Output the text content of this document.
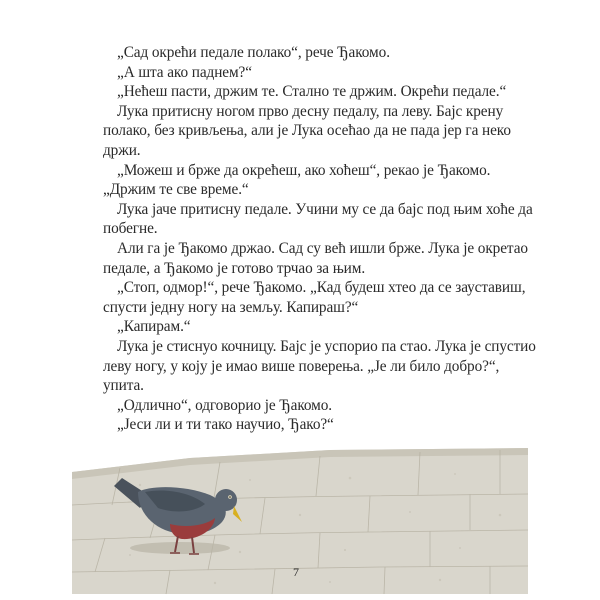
„Сад окрећи педале полако“, рече Ђакомо.

„А шта ако паднем?“

„Нећеш пасти, држим те. Стално те држим. Окрећи педале.“

Лука притисну ногом прво десну педалу, па леву. Бајс крену полако, без кривљења, али је Лука осећао да не пада јер га неко држи.

„Можеш и брже да окрећеш, ако хоћеш“, рекао је Ђакомо. „Држим те све време.“

Лука јаче притисну педале. Учини му се да бајс под њим хоће да побегне.

Али га је Ђакомо држао. Сад су већ ишли брже. Лука је окретао педале, а Ђакомо је готово трчао за њим.

„Стоп, одмор!“, рече Ђакомо. „Кад будеш хтео да се зауставиш, спусти једну ногу на земљу. Капираш?“

„Капирам.“

Лука је стиснуо кочницу. Бајс је успорио па стао. Лука је спустио леву ногу, у коју је имао више поверења. „Је ли било добро?“, упита.

„Одлично“, одговорио је Ђакомо.

„Јеси ли и ти тако научио, Ђако?“

7
